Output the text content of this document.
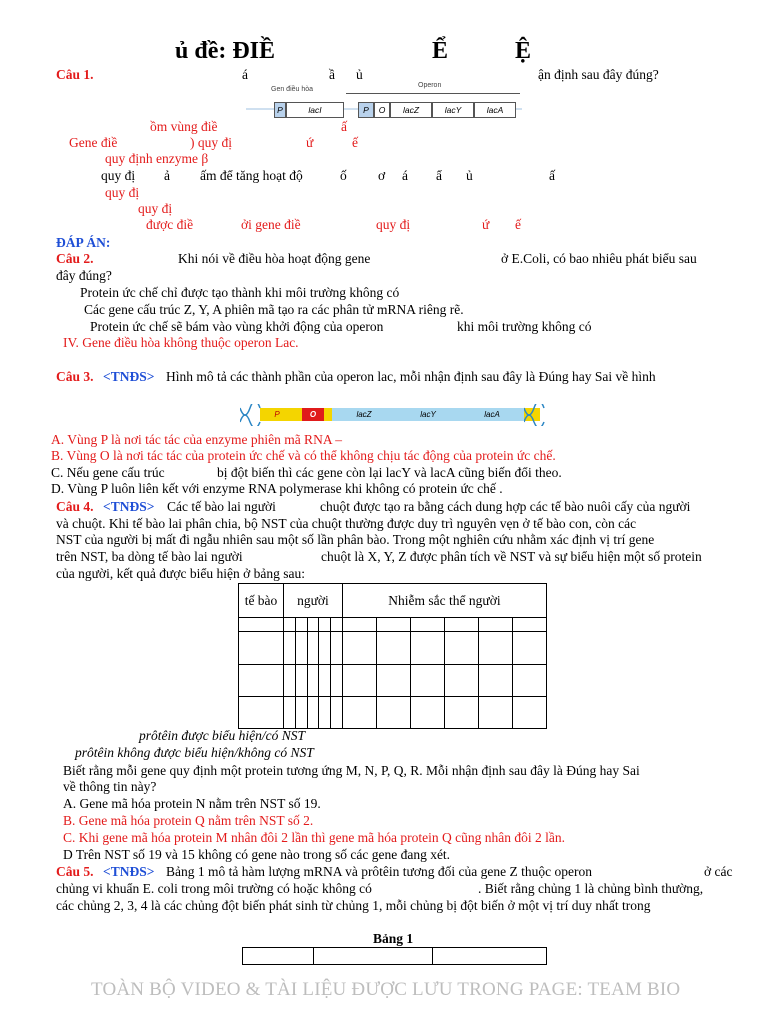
ủ đề: ĐIỀ	Ể	Ệ
Câu 1.	á	ầ ủ	ận định sau đây đúng?
Gen điều hòa
Operon
P	lacI	P	O	lacZ	lacY	lacA
ồm vùng điề	ấ
Gene điề	) quy đị	ứ	ế
quy định enzyme β
quy đị ả ấm để tăng hoạt độ	ố ơ á ẩ ủ	ấ
quy đị
quy đị
được điề	ởi gene điề	quy đị	ứ ế
ĐÁP ÁN:
Câu 2.	Khi nói về điều hòa hoạt động gene	ở E.Coli, có bao nhiêu phát biểu sau
đây đúng?
Protein ức chế chỉ được tạo thành khi môi trường không có
Các gene cấu trúc Z, Y, A phiên mã tạo ra các phân tử mRNA riêng rẽ.
Protein ức chế sẽ bám vào vùng khởi động của operon	khi môi trường không có
IV. Gene điều hòa không thuộc operon Lac.
Câu 3. <TNĐS> Hình mô tả các thành phần của operon lac, mỗi nhận định sau đây là Đúng hay Sai về hình
P	O	lacZ	lacY	lacA
A. Vùng P là nơi tác tác của enzyme phiên mã RNA –
B. Vùng O là nơi tác tác của protein ức chế và có thể không chịu tác động của protein ức chế.
C. Nếu gene cấu trúc	bị đột biến thì các gene còn lại lacY và lacA cũng biến đổi theo.
D. Vùng P luôn liên kết với enzyme RNA polymerase khi không có protein ức chế .
Câu 4. <TNĐS> Các tế bào lai người	chuột được tạo ra bằng cách dung hợp các tế bào nuôi cấy của người
và chuột. Khi tế bào lai phân chia, bộ NST của chuột thường được duy trì nguyên vẹn ở tế bào con, còn các
NST của người bị mất đi ngẫu nhiên sau một số lần phân bào. Trong một nghiên cứu nhằm xác định vị trí gene
trên NST, ba dòng tế bào lai người	chuột là X, Y, Z được phân tích về NST và sự biểu hiện một số protein
của người, kết quả được biểu hiện ở bảng sau:
tế bào	người					Nhiễm sắc thể người					

prôtêin được biểu hiện/có NST
prôtêin không được biểu hiện/không có NST
Biết rằng mỗi gene quy định một protein tương ứng M, N, P, Q, R. Mỗi nhận định sau đây là Đúng hay Sai
về thông tin này?
A. Gene mã hóa protein N nằm trên NST số 19.
B. Gene mã hóa protein Q nằm trên NST số 2.
C. Khi gene mã hóa protein M nhân đôi 2 lần thì gene mã hóa protein Q cũng nhân đôi 2 lần.
D Trên NST số 19 và 15 không có gene nào trong số các gene đang xét.
Câu 5. <TNĐS> Bảng 1 mô tả hàm lượng mRNA và prôtêin tương đối của gene Z thuộc operon	ở các
chủng vi khuẩn E. coli trong môi trường có hoặc không có	. Biết rằng chủng 1 là chủng bình thường,
các chủng 2, 3, 4 là các chủng đột biến phát sinh từ chủng 1, mỗi chủng bị đột biến ở một vị trí duy nhất trong
Bảng 1

TOÀN BỘ VIDEO & TÀI LIỆU ĐƯỢC LƯU TRONG PAGE: TEAM BIO
